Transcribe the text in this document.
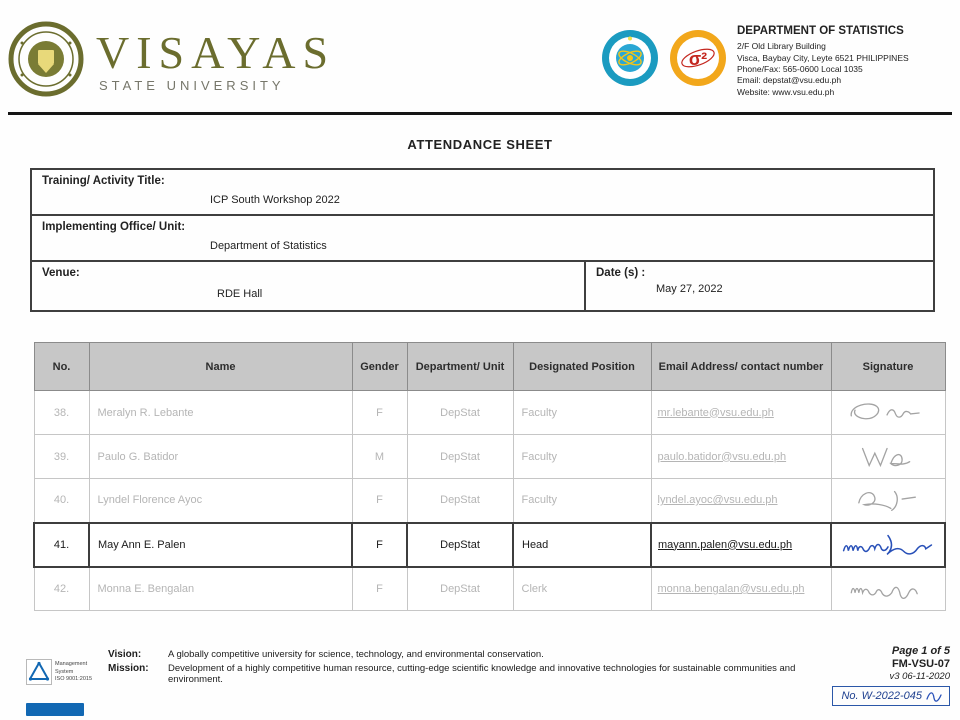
VISAYAS
STATE UNIVERSITY
σ²
DEPARTMENT OF STATISTICS
2/F Old Library Building
Visca, Baybay City, Leyte 6521 PHILIPPINES
Phone/Fax: 565-0600 Local 1035
Email: depstat@vsu.edu.ph
Website: www.vsu.edu.ph
ATTENDANCE SHEET
Training/ Activity Title:
ICP South Workshop 2022
Implementing Office/ Unit:
Department of Statistics
Venue:
RDE Hall
Date (s) :
May 27, 2022
No.	Name	Gender	Department/ Unit	Designated Position	Email Address/ contact number	Signature
38.	Meralyn R. Lebante	F	DepStat	Faculty	mr.lebante@vsu.edu.ph	

39.	Paulo G. Batidor	M	DepStat	Faculty	paulo.batidor@vsu.edu.ph	

40.	Lyndel Florence Ayoc	F	DepStat	Faculty	lyndel.ayoc@vsu.edu.ph	

41.	May Ann E. Palen	F	DepStat	Head	mayann.palen@vsu.edu.ph	

42.	Monna E. Bengalan	F	DepStat	Clerk	monna.bengalan@vsu.edu.ph	
Management System
ISO 9001:2015
Vision:	A globally competitive university for science, technology, and environmental conservation.
Mission:	Development of a highly competitive human resource, cutting-edge scientific knowledge and innovative technologies for sustainable communities and environment.
Page 1 of 5
FM-VSU-07
v3 06-11-2020
No. W-2022-045
